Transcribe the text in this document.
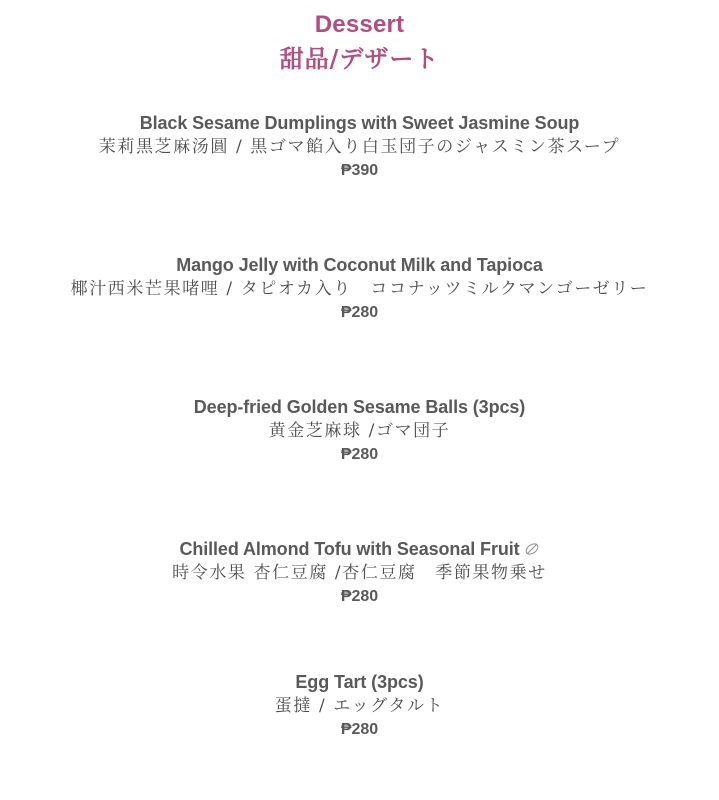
Dessert
甜品/デザート
Black Sesame Dumplings with Sweet Jasmine Soup
茉莉黒芝麻汤圓 / 黒ゴマ餡入り白玉団子のジャスミン茶スープ
₱390
Mango Jelly with Coconut Milk and Tapioca
椰汁西米芒果啫哩 / タピオカ入り　ココナッツミルクマンゴーゼリー
₱280
Deep-fried Golden Sesame Balls (3pcs)
黄金芝麻球 /ゴマ団子
₱280
Chilled Almond Tofu with Seasonal Fruit
時令水果 杏仁豆腐 /杏仁豆腐　季節果物乗せ
₱280
Egg Tart (3pcs)
蛋撻 / エッグタルト
₱280
